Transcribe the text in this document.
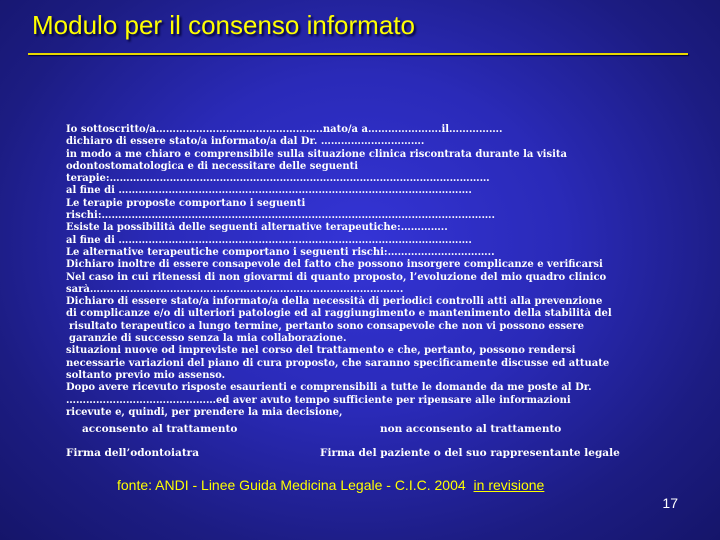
Modulo per il consenso informato
Io sottoscritto/a…………………………………………..nato/a a………………….il…………….
dichiaro di essere stato/a informato/a dal Dr. ………………………….
in modo a me chiaro e comprensibile sulla situazione clinica riscontrata durante la visita
odontostomatologica e di necessitare delle seguenti
terapie:……………………………………………………………………………………………………
al fine di …………………………………………………………………………………………….
Le terapie proposte comportano i seguenti
rischi:……………………………………………………………………………………………………….
Esiste la possibilità delle seguenti alternative terapeutiche:…………..
al fine di …………………………………………………………………………………………….
Le alternative terapeutiche comportano i seguenti rischi:…………………………..
Dichiaro inoltre di essere consapevole del fatto che possono insorgere complicanze e verificarsi
Nel caso in cui ritenessi di non giovarmi di quanto proposto, l’evoluzione del mio quadro clinico
sarà………………………………………………………………………………….
Dichiaro di essere stato/a informato/a della necessità di periodici controlli atti alla prevenzione
di complicanze e/o di ulteriori patologie ed al raggiungimento e mantenimento della stabilità del
risultato terapeutico a lungo termine, pertanto sono consapevole che non vi possono essere
garanzie di successo senza la mia collaborazione.
situazioni nuove od impreviste nel corso del trattamento e che, pertanto, possono rendersi
necessarie variazioni del piano di cura proposto, che saranno specificamente discusse ed attuate
soltanto previo mio assenso.
Dopo avere ricevuto risposte esaurienti e comprensibili a tutte le domande da me poste al Dr.
………………………………………ed aver avuto tempo sufficiente per ripensare alle informazioni
ricevute e, quindi, per prendere la mia decisione,
acconsento al trattamento	non acconsento al trattamento
Firma dell’odontoiatra	Firma del paziente o del suo rappresentante legale
fonte: ANDI - Linee Guida Medicina Legale - C.I.C. 2004 in revisione
17
